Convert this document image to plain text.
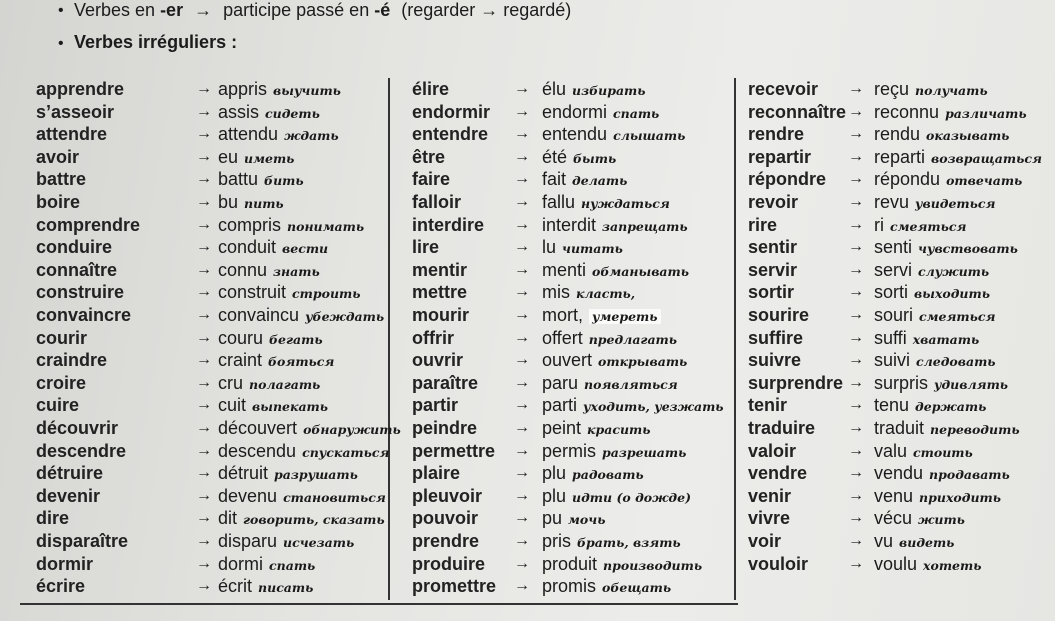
• Verbes en -er → participe passé en -é (regarder → regardé)
• Verbes irréguliers :
apprendre	→ appris выучить
s’asseoir	→ assis сидеть
attendre	→ attendu ждать
avoir	→ eu иметь
battre	→ battu бить
boire	→ bu пить
comprendre	→ compris понимать
conduire	→ conduit вести
connaître	→ connu знать
construire	→ construit строить
convaincre	→ convaincu убеждать
courir	→ couru бегать
craindre	→ craint бояться
croire	→ cru полагать
cuire	→ cuit выпекать
découvrir	→ découvert обнаружить
descendre	→ descendu спускаться
détruire	→ détruit разрушать
devenir	→ devenu становиться
dire	→ dit говорить, сказать
disparaître	→ disparu исчезать
dormir	→ dormi спать
écrire	→ écrit писать
élire	→ élu избирать
endormir → endormi спать
entendre → entendu слышать
être	→ été быть
faire	→ fait делать
falloir	→ fallu нуждаться
interdire → interdit запрещать
lire	→ lu читать
mentir	→ menti обманывать
mettre	→ mis класть,
mourir	→ mort, умереть
offrir	→ offert предлагать
ouvrir	→ ouvert открывать
paraître → paru появляться
partir	→ parti уходить, уезжать
peindre → peint красить
permettre → permis разрешать
plaire	→ plu радовать
pleuvoir → plu идти (о дожде)
pouvoir → pu мочь
prendre → pris брать, взять
produire → produit производить
promettre → promis обещать
recevoir → reçu получать
reconnaître → reconnu различать
rendre	→ rendu оказывать
repartir → reparti возвращаться
répondre → répondu отвечать
revoir	→ revu увидеться
rire	→ ri смеяться
sentir	→ senti чувствовать
servir	→ servi служить
sortir	→ sorti выходить
sourire → souri смеяться
suffire	→ suffi хватать
suivre	→ suivi следовать
surprendre → surpris удивлять
tenir	→ tenu держать
traduire → traduit переводить
valoir	→ valu стоить
vendre	→ vendu продавать
venir	→ venu приходить
vivre	→ vécu жить
voir	→ vu видеть
vouloir → voulu хотеть
